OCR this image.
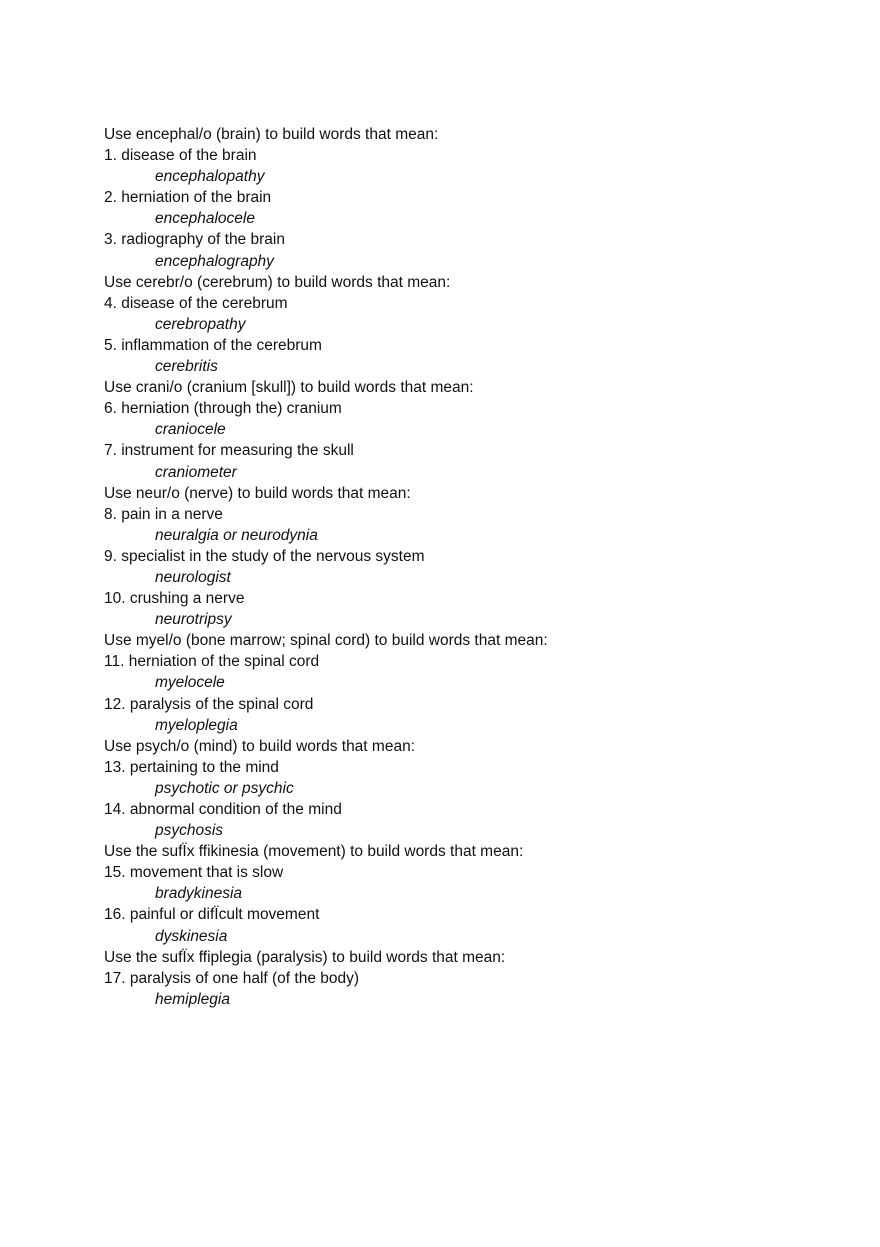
Use encephal/o (brain) to build words that mean:
1. disease of the brain
encephalopathy
2. herniation of the brain
encephalocele
3. radiography of the brain
encephalography
Use cerebr/o (cerebrum) to build words that mean:
4. disease of the cerebrum
cerebropathy
5. inflammation of the cerebrum
cerebritis
Use crani/o (cranium [skull]) to build words that mean:
6. herniation (through the) cranium
craniocele
7. instrument for measuring the skull
craniometer
Use neur/o (nerve) to build words that mean:
8. pain in a nerve
neuralgia or neurodynia
9. specialist in the study of the nervous system
neurologist
10. crushing a nerve
neurotripsy
Use myel/o (bone marrow; spinal cord) to build words that mean:
11. herniation of the spinal cord
myelocele
12. paralysis of the spinal cord
myeloplegia
Use psych/o (mind) to build words that mean:
13. pertaining to the mind
psychotic or psychic
14. abnormal condition of the mind
psychosis
Use the sufÏx ffikinesia (movement) to build words that mean:
15. movement that is slow
bradykinesia
16. painful or difÏcult movement
dyskinesia
Use the sufÏx ffiplegia (paralysis) to build words that mean:
17. paralysis of one half (of the body)
hemiplegia
